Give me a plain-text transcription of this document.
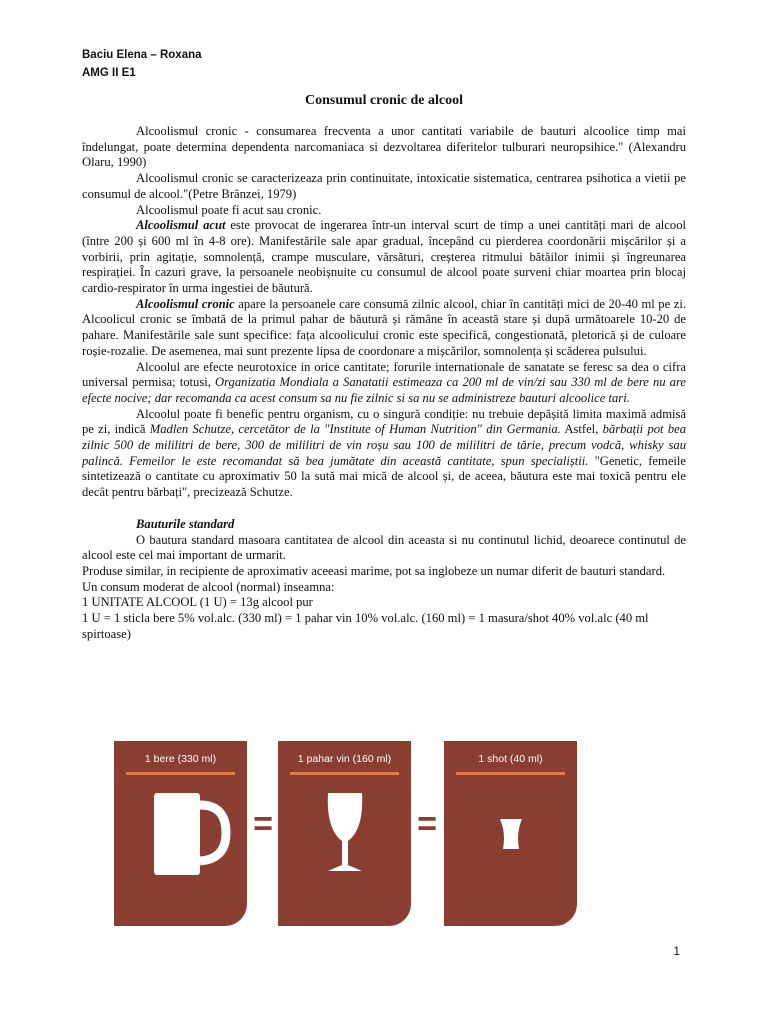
Baciu Elena – Roxana
AMG II E1
Consumul cronic de alcool

Alcoolismul cronic - consumarea frecventa a unor cantitati variabile de bauturi alcoolice timp mai îndelungat, poate determina dependenta narcomaniaca si dezvoltarea diferitelor tulburari neuropsihice." (Alexandru Olaru, 1990)

Alcoolismul cronic se caracterizeaza prin continuitate, intoxicatie sistematica, centrarea psihotica a vietii pe consumul de alcool."(Petre Brânzei, 1979)

Alcoolismul poate fi acut sau cronic.

Alcoolismul acut este provocat de ingerarea într-un interval scurt de timp a unei cantități mari de alcool (între 200 și 600 ml în 4-8 ore). Manifestările sale apar gradual, începând cu pierderea coordonării mișcărilor și a vorbirii, prin agitație, somnolență, crampe musculare, vărsături, creșterea ritmului bătăilor inimii și îngreunarea respirației. În cazuri grave, la persoanele neobișnuite cu consumul de alcool poate surveni chiar moartea prin blocaj cardio-respirator în urma ingestiei de băutură.

Alcoolismul cronic apare la persoanele care consumă zilnic alcool, chiar în cantități mici de 20-40 ml pe zi. Alcoolicul cronic se îmbată de la primul pahar de băutură și rămâne în această stare și după următoarele 10-20 de pahare. Manifestările sale sunt specifice: fața alcoolicului cronic este specifică, congestionată, pletorică și de culoare roșie-rozalie. De asemenea, mai sunt prezente lipsa de coordonare a mișcărilor, somnolența și scăderea pulsului.

Alcoolul are efecte neurotoxice in orice cantitate; forurile internationale de sanatate se feresc sa dea o cifra universal permisa; totusi, Organizatia Mondiala a Sanatatii estimeaza ca 200 ml de vin/zi sau 330 ml de bere nu are efecte nocive; dar recomanda ca acest consum sa nu fie zilnic si sa nu se administreze bauturi alcoolice tari.

Alcoolul poate fi benefic pentru organism, cu o singură condiție: nu trebuie depășită limita maximă admisă pe zi, indică Madlen Schutze, cercetător de la "Institute of Human Nutrition" din Germania. Astfel, bărbații pot bea zilnic 500 de mililitri de bere, 300 de mililitri de vin roșu sau 100 de mililitri de tărie, precum vodcă, whisky sau palincă. Femeilor le este recomandat să bea jumătate din această cantitate, spun specialiștii. "Genetic, femeile sintetizează o cantitate cu aproximativ 50 la sută mai mică de alcool și, de aceea, băutura este mai toxică pentru ele decât pentru bărbați", precizează Schutze.

Bauturile standard

O bautura standard masoara cantitatea de alcool din aceasta si nu continutul lichid, deoarece continutul de alcool este cel mai important de urmarit.

Produse similar, in recipiente de aproximativ aceeasi marime, pot sa inglobeze un numar diferit de bauturi standard.

Un consum moderat de alcool (normal) inseamna:

1 UNITATE ALCOOL (1 U) = 13g alcool pur

1 U = 1 sticla bere 5% vol.alc. (330 ml) = 1 pahar vin 10% vol.alc. (160 ml) = 1 masura/shot 40% vol.alc (40 ml spirtoase)

1 bere (330 ml)
=
1 pahar vin (160 ml)
=
1 shot (40 ml)
1
